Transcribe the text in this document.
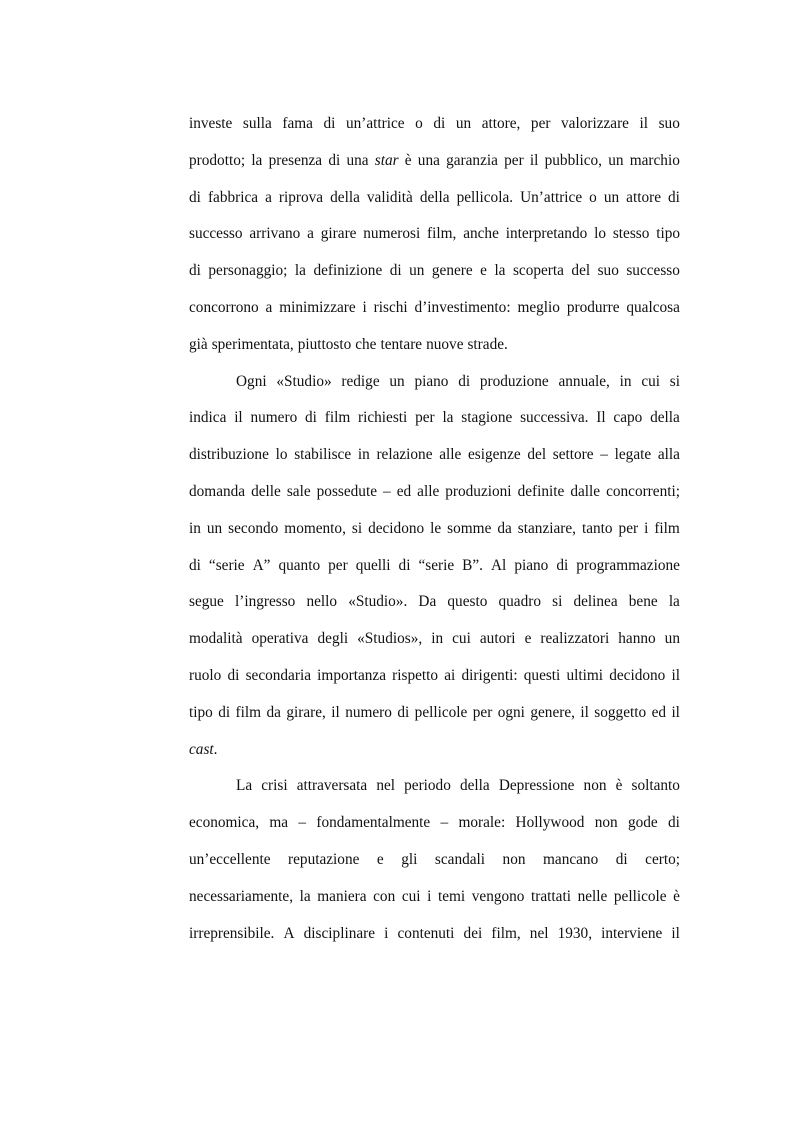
investe sulla fama di un’attrice o di un attore, per valorizzare il suo
prodotto; la presenza di una star è una garanzia per il pubblico, un marchio
di fabbrica a riprova della validità della pellicola. Un’attrice o un attore di
successo arrivano a girare numerosi film, anche interpretando lo stesso tipo
di personaggio; la definizione di un genere e la scoperta del suo successo
concorrono a minimizzare i rischi d’investimento: meglio produrre qualcosa
già sperimentata, piuttosto che tentare nuove strade.
Ogni «Studio» redige un piano di produzione annuale, in cui si
indica il numero di film richiesti per la stagione successiva. Il capo della
distribuzione lo stabilisce in relazione alle esigenze del settore – legate alla
domanda delle sale possedute – ed alle produzioni definite dalle concorrenti;
in un secondo momento, si decidono le somme da stanziare, tanto per i film
di “serie A” quanto per quelli di “serie B”. Al piano di programmazione
segue l’ingresso nello «Studio». Da questo quadro si delinea bene la
modalità operativa degli «Studios», in cui autori e realizzatori hanno un
ruolo di secondaria importanza rispetto ai dirigenti: questi ultimi decidono il
tipo di film da girare, il numero di pellicole per ogni genere, il soggetto ed il
cast.
La crisi attraversata nel periodo della Depressione non è soltanto
economica, ma – fondamentalmente – morale: Hollywood non gode di
un’eccellente reputazione e gli scandali non mancano di certo;
necessariamente, la maniera con cui i temi vengono trattati nelle pellicole è
irreprensibile. A disciplinare i contenuti dei film, nel 1930, interviene il
